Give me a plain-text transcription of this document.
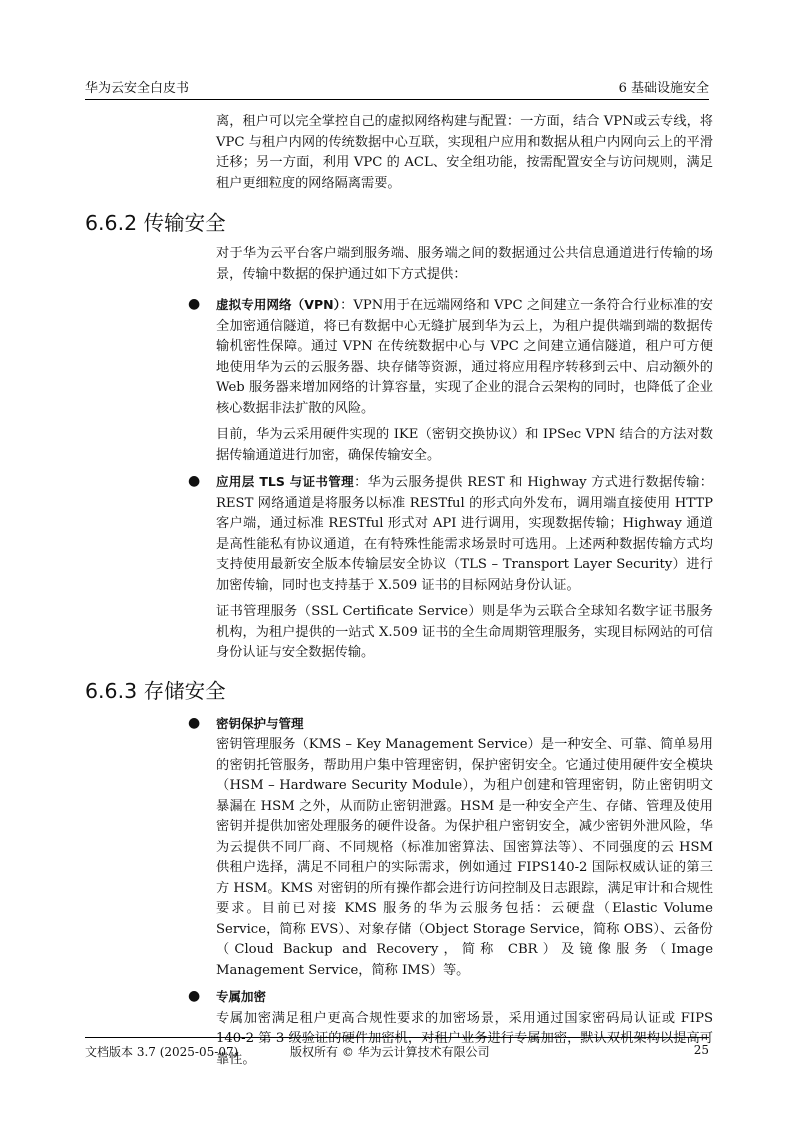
华为云安全白皮书	6 基础设施安全

离，租户可以完全掌控自己的虚拟网络构建与配置：一方面，结合 VPN或云专线，将 VPC 与租户内网的传统数据中心互联，实现租户应用和数据从租户内网向云上的平滑迁移；另一方面，利用 VPC 的 ACL、安全组功能，按需配置安全与访问规则，满足租户更细粒度的网络隔离需要。

6.6.2 传输安全

对于华为云平台客户端到服务端、服务端之间的数据通过公共信息通道进行传输的场景，传输中数据的保护通过如下方式提供：

● 虚拟专用网络（VPN）：VPN用于在远端网络和 VPC 之间建立一条符合行业标准的安全加密通信隧道，将已有数据中心无缝扩展到华为云上，为租户提供端到端的数据传输机密性保障。通过 VPN 在传统数据中心与 VPC 之间建立通信隧道，租户可方便地使用华为云的云服务器、块存储等资源，通过将应用程序转移到云中、启动额外的 Web 服务器来增加网络的计算容量，实现了企业的混合云架构的同时，也降低了企业核心数据非法扩散的风险。

目前，华为云采用硬件实现的 IKE（密钥交换协议）和 IPSec VPN 结合的方法对数据传输通道进行加密，确保传输安全。

● 应用层 TLS 与证书管理：华为云服务提供 REST 和 Highway 方式进行数据传输：REST 网络通道是将服务以标准 RESTful 的形式向外发布，调用端直接使用 HTTP 客户端，通过标准 RESTful 形式对 API 进行调用，实现数据传输；Highway 通道是高性能私有协议通道，在有特殊性能需求场景时可选用。上述两种数据传输方式均支持使用最新安全版本传输层安全协议（TLS – Transport Layer Security）进行加密传输，同时也支持基于 X.509 证书的目标网站身份认证。

证书管理服务（SSL Certificate Service）则是华为云联合全球知名数字证书服务机构，为租户提供的一站式 X.509 证书的全生命周期管理服务，实现目标网站的可信身份认证与安全数据传输。

6.6.3 存储安全
● 密钥保护与管理

密钥管理服务（KMS – Key Management Service）是一种安全、可靠、简单易用的密钥托管服务，帮助用户集中管理密钥，保护密钥安全。它通过使用硬件安全模块（HSM – Hardware Security Module），为租户创建和管理密钥，防止密钥明文暴漏在 HSM 之外，从而防止密钥泄露。HSM 是一种安全产生、存储、管理及使用密钥并提供加密处理服务的硬件设备。为保护租户密钥安全，减少密钥外泄风险，华为云提供不同厂商、不同规格（标准加密算法、国密算法等）、不同强度的云 HSM 供租户选择，满足不同租户的实际需求，例如通过 FIPS140-2 国际权威认证的第三方 HSM。KMS 对密钥的所有操作都会进行访问控制及日志跟踪，满足审计和合规性要求。目前已对接 KMS 服务的华为云服务包括：云硬盘（Elastic Volume Service，简称 EVS）、对象存储（Object Storage Service，简称 OBS）、云备份（Cloud Backup and Recovery，简称 CBR）及镜像服务（Image Management Service，简称 IMS）等。

● 专属加密

专属加密满足租户更高合规性要求的加密场景，采用通过国家密码局认证或 FIPS 140-2 第 3 级验证的硬件加密机，对租户业务进行专属加密，默认双机架构以提高可靠性。

文档版本 3.7 (2025-05-07)	版权所有 © 华为云计算技术有限公司	25
